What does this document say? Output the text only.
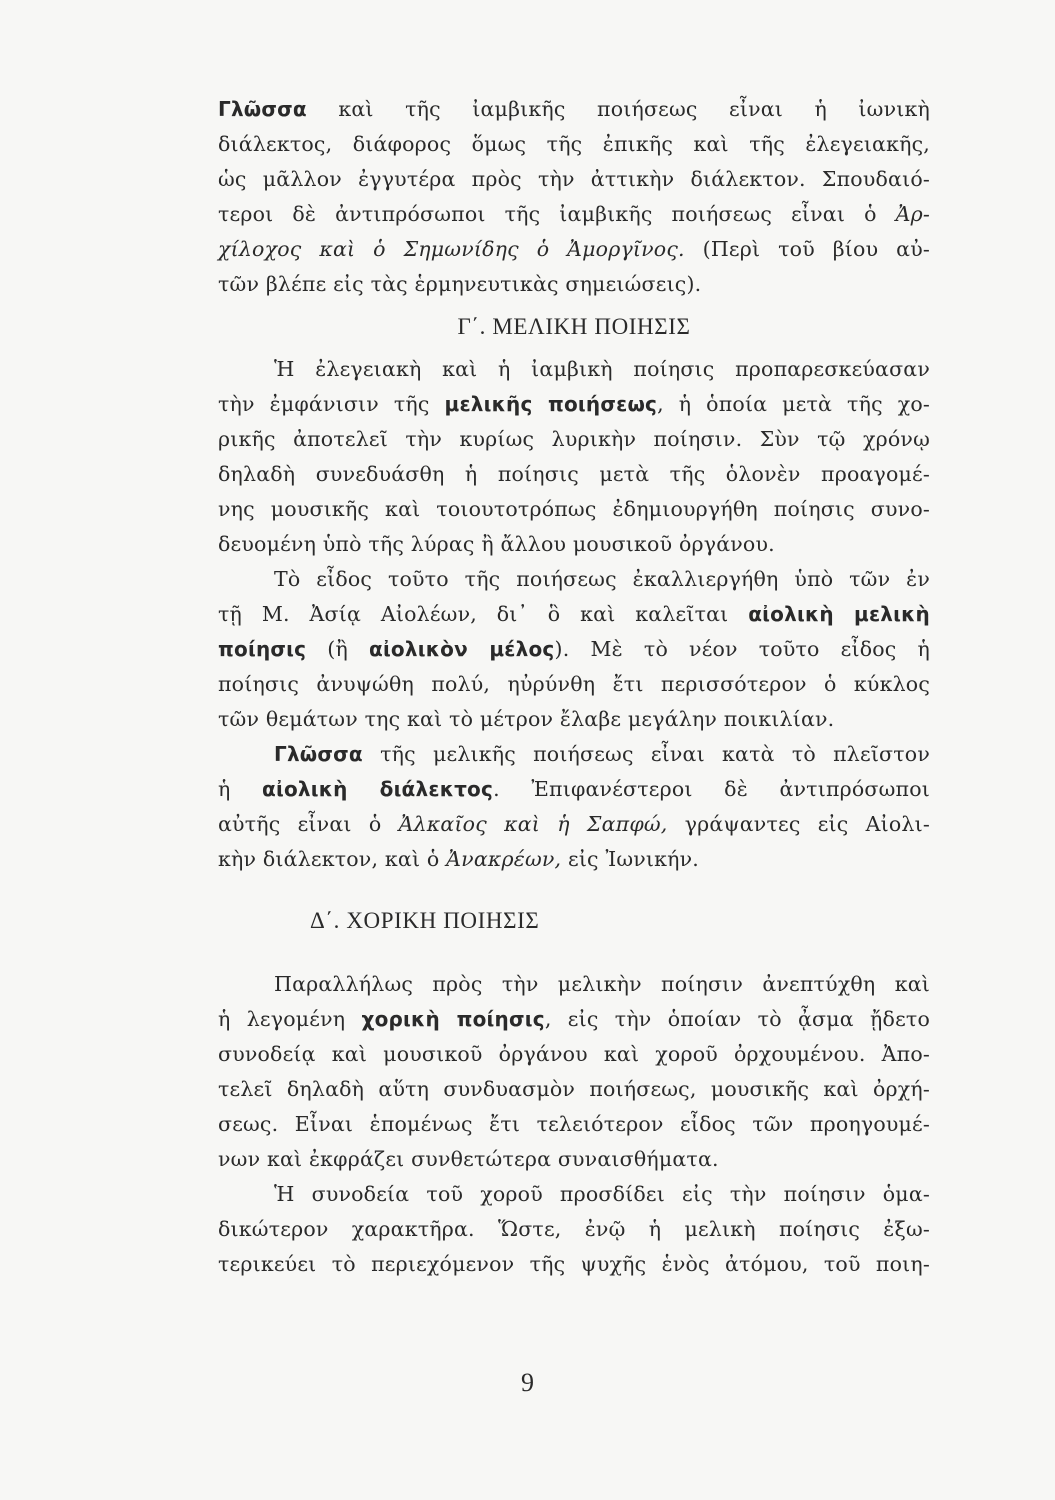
Γλῶσσα καὶ τῆς ἰαμβικῆς ποιήσεως εἶναι ἡ ἰωνικὴ
διάλεκτος, διάφορος ὅμως τῆς ἐπικῆς καὶ τῆς ἐλεγειακῆς,
ὡς μᾶλλον ἐγγυτέρα πρὸς τὴν ἀττικὴν διάλεκτον. Σπουδαιό-
τεροι δὲ ἀντιπρόσωποι τῆς ἰαμβικῆς ποιήσεως εἶναι ὁ Ἀρ-
χίλοχος καὶ ὁ Σημωνίδης ὁ Ἀμοργῖνος. (Περὶ τοῦ βίου αὐ-
τῶν βλέπε εἰς τὰς ἑρμηνευτικὰς σημειώσεις).
Γ΄. ΜΕΛΙΚΗ ΠΟΙΗΣΙΣ
Ἡ ἐλεγειακὴ καὶ ἡ ἰαμβικὴ ποίησις προπαρεσκεύασαν
τὴν ἐμφάνισιν τῆς μελικῆς ποιήσεως, ἡ ὁποία μετὰ τῆς χο-
ρικῆς ἀποτελεῖ τὴν κυρίως λυρικὴν ποίησιν. Σὺν τῷ χρόνῳ
δηλαδὴ συνεδυάσθη ἡ ποίησις μετὰ τῆς ὁλονὲν προαγομέ-
νης μουσικῆς καὶ τοιουτοτρόπως ἐδημιουργήθη ποίησις συνο-
δευομένη ὑπὸ τῆς λύρας ἢ ἄλλου μουσικοῦ ὀργάνου.
Τὸ εἶδος τοῦτο τῆς ποιήσεως ἐκαλλιεργήθη ὑπὸ τῶν ἐν
τῇ Μ. Ἀσίᾳ Αἰολέων, δι᾽ ὃ καὶ καλεῖται αἰολικὴ μελικὴ
ποίησις (ἢ αἰολικὸν μέλος). Μὲ τὸ νέον τοῦτο εἶδος ἡ
ποίησις ἀνυψώθη πολύ, ηὐρύνθη ἔτι περισσότερον ὁ κύκλος
τῶν θεμάτων της καὶ τὸ μέτρον ἔλαβε μεγάλην ποικιλίαν.
Γλῶσσα τῆς μελικῆς ποιήσεως εἶναι κατὰ τὸ πλεῖστον
ἡ αἰολικὴ διάλεκτος. Ἐπιφανέστεροι δὲ ἀντιπρόσωποι
αὐτῆς εἶναι ὁ Ἀλκαῖος καὶ ἡ Σαπφώ, γράψαντες εἰς Αἰολι-
κὴν διάλεκτον, καὶ ὁ Ἀνακρέων, εἰς Ἰωνικήν.
Δ΄. ΧΟΡΙΚΗ ΠΟΙΗΣΙΣ
Παραλλήλως πρὸς τὴν μελικὴν ποίησιν ἀνεπτύχθη καὶ
ἡ λεγομένη χορικὴ ποίησις, εἰς τὴν ὁποίαν τὸ ᾆσμα ᾔδετο
συνοδείᾳ καὶ μουσικοῦ ὀργάνου καὶ χοροῦ ὀρχουμένου. Ἀπο-
τελεῖ δηλαδὴ αὕτη συνδυασμὸν ποιήσεως, μουσικῆς καὶ ὀρχή-
σεως. Εἶναι ἑπομένως ἔτι τελειότερον εἶδος τῶν προηγουμέ-
νων καὶ ἐκφράζει συνθετώτερα συναισθήματα.
Ἡ συνοδεία τοῦ χοροῦ προσδίδει εἰς τὴν ποίησιν ὁμα-
δικώτερον χαρακτῆρα. Ὥστε, ἐνῷ ἡ μελικὴ ποίησις ἐξω-
τερικεύει τὸ περιεχόμενον τῆς ψυχῆς ἑνὸς ἀτόμου, τοῦ ποιη-
9
